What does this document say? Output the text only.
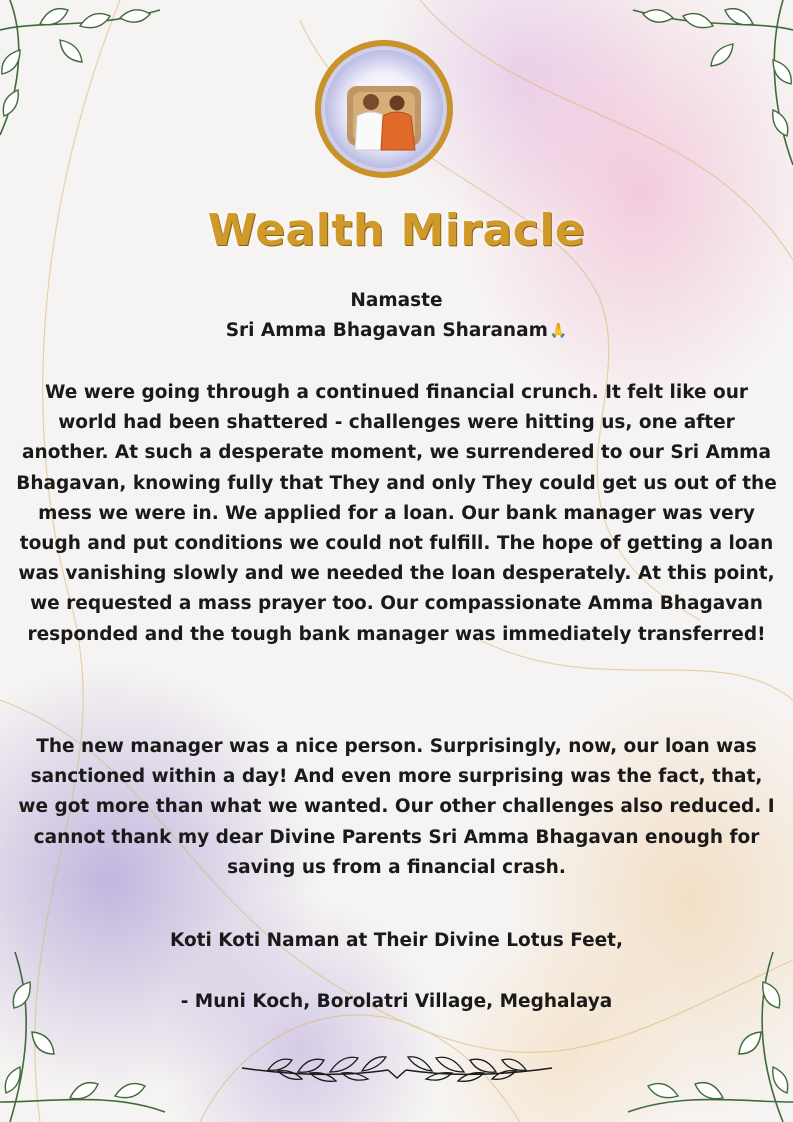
Wealth Miracle
Namaste
Sri Amma Bhagavan Sharanam 🙏

We were going through a continued financial crunch. It felt like our world had been shattered - challenges were hitting us, one after another. At such a desperate moment, we surrendered to our Sri Amma Bhagavan, knowing fully that They and only They could get us out of the mess we were in. We applied for a loan. Our bank manager was very tough and put conditions we could not fulfill. The hope of getting a loan was vanishing slowly and we needed the loan desperately. At this point, we requested a mass prayer too. Our compassionate Amma Bhagavan responded and the tough bank manager was immediately transferred!

The new manager was a nice person. Surprisingly, now, our loan was sanctioned within a day! And even more surprising was the fact, that, we got more than what we wanted. Our other challenges also reduced. I cannot thank my dear Divine Parents Sri Amma Bhagavan enough for saving us from a financial crash.

Koti Koti Naman at Their Divine Lotus Feet,
- Muni Koch, Borolatri Village, Meghalaya
